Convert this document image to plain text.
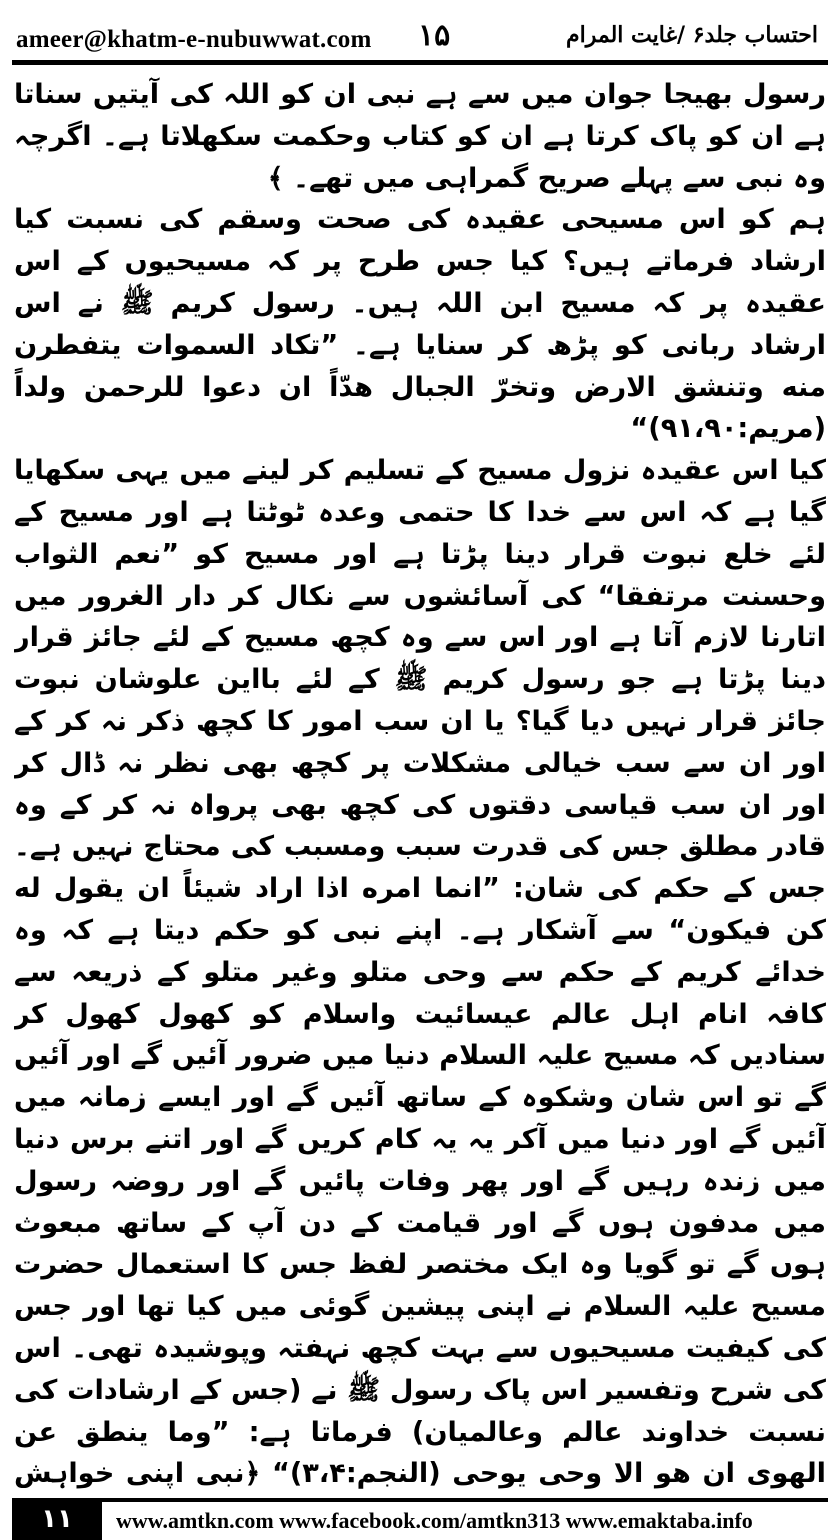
ameer@khatm-e-nubuwwat.com ۱۵	احتساب جلد۶ /غایت المرام

رسول بھیجا جوان میں سے ہے نبی ان کو اللہ کی آیتیں سناتا ہے ان کو پاک کرتا ہے ان کو کتاب وحکمت سکھلاتا ہے۔ اگرچہ وہ نبی سے پہلے صریح گمراہی میں تھے۔ ﴾

ہم کو اس مسیحی عقیدہ کی صحت وسقم کی نسبت کیا ارشاد فرماتے ہیں؟ کیا جس طرح پر کہ مسیحیوں کے اس عقیدہ پر کہ مسیح ابن اللہ ہیں۔ رسول کریم ﷺ نے اس ارشاد ربانی کو پڑھ کر سنایا ہے۔ ”تکاد السموات یتفطرن منه وتنشق الارض وتخرّ الجبال هدّاً ان دعوا للرحمن ولداً (مریم:۹۱،۹۰)“

کیا اس عقیدہ نزول مسیح کے تسلیم کر لینے میں یہی سکھایا گیا ہے کہ اس سے خدا کا حتمی وعدہ ٹوٹتا ہے اور مسیح کے لئے خلع نبوت قرار دینا پڑتا ہے اور مسیح کو ”نعم الثواب وحسنت مرتفقا“ کی آسائشوں سے نکال کر دار الغرور میں اتارنا لازم آتا ہے اور اس سے وہ کچھ مسیح کے لئے جائز قرار دینا پڑتا ہے جو رسول کریم ﷺ کے لئے بااین علوشان نبوت جائز قرار نہیں دیا گیا؟ یا ان سب امور کا کچھ ذکر نہ کر کے اور ان سے سب خیالی مشکلات پر کچھ بھی نظر نہ ڈال کر اور ان سب قیاسی دقتوں کی کچھ بھی پرواہ نہ کر کے وہ قادر مطلق جس کی قدرت سبب ومسبب کی محتاج نہیں ہے۔ جس کے حکم کی شان: ”انما امره اذا اراد شیئاً ان یقول له کن فیکون“ سے آشکار ہے۔ اپنے نبی کو حکم دیتا ہے کہ وہ خدائے کریم کے حکم سے وحی متلو وغیر متلو کے ذریعہ سے کافہ انام اہل عالم عیسائیت واسلام کو کھول کھول کر سنادیں کہ مسیح علیہ السلام دنیا میں ضرور آئیں گے اور آئیں گے تو اس شان وشکوہ کے ساتھ آئیں گے اور ایسے زمانہ میں آئیں گے اور دنیا میں آکر یہ یہ کام کریں گے اور اتنے برس دنیا میں زندہ رہیں گے اور پھر وفات پائیں گے اور روضہ رسول میں مدفون ہوں گے اور قیامت کے دن آپ کے ساتھ مبعوث ہوں گے تو گویا وہ ایک مختصر لفظ جس کا استعمال حضرت مسیح علیہ السلام نے اپنی پیشین گوئی میں کیا تھا اور جس کی کیفیت مسیحیوں سے بہت کچھ نہفتہ وپوشیدہ تھی۔ اس کی شرح وتفسیر اس پاک رسول ﷺ نے (جس کے ارشادات کی نسبت خداوند عالم وعالمیان) فرماتا ہے: ”وما ینطق عن الهوی ان هو الا وحی یوحی (النجم:۳،۴)“ ﴿نبی اپنی خواہش

۱۱	www.amtkn.com www.facebook.com/amtkn313 www.emaktaba.info
